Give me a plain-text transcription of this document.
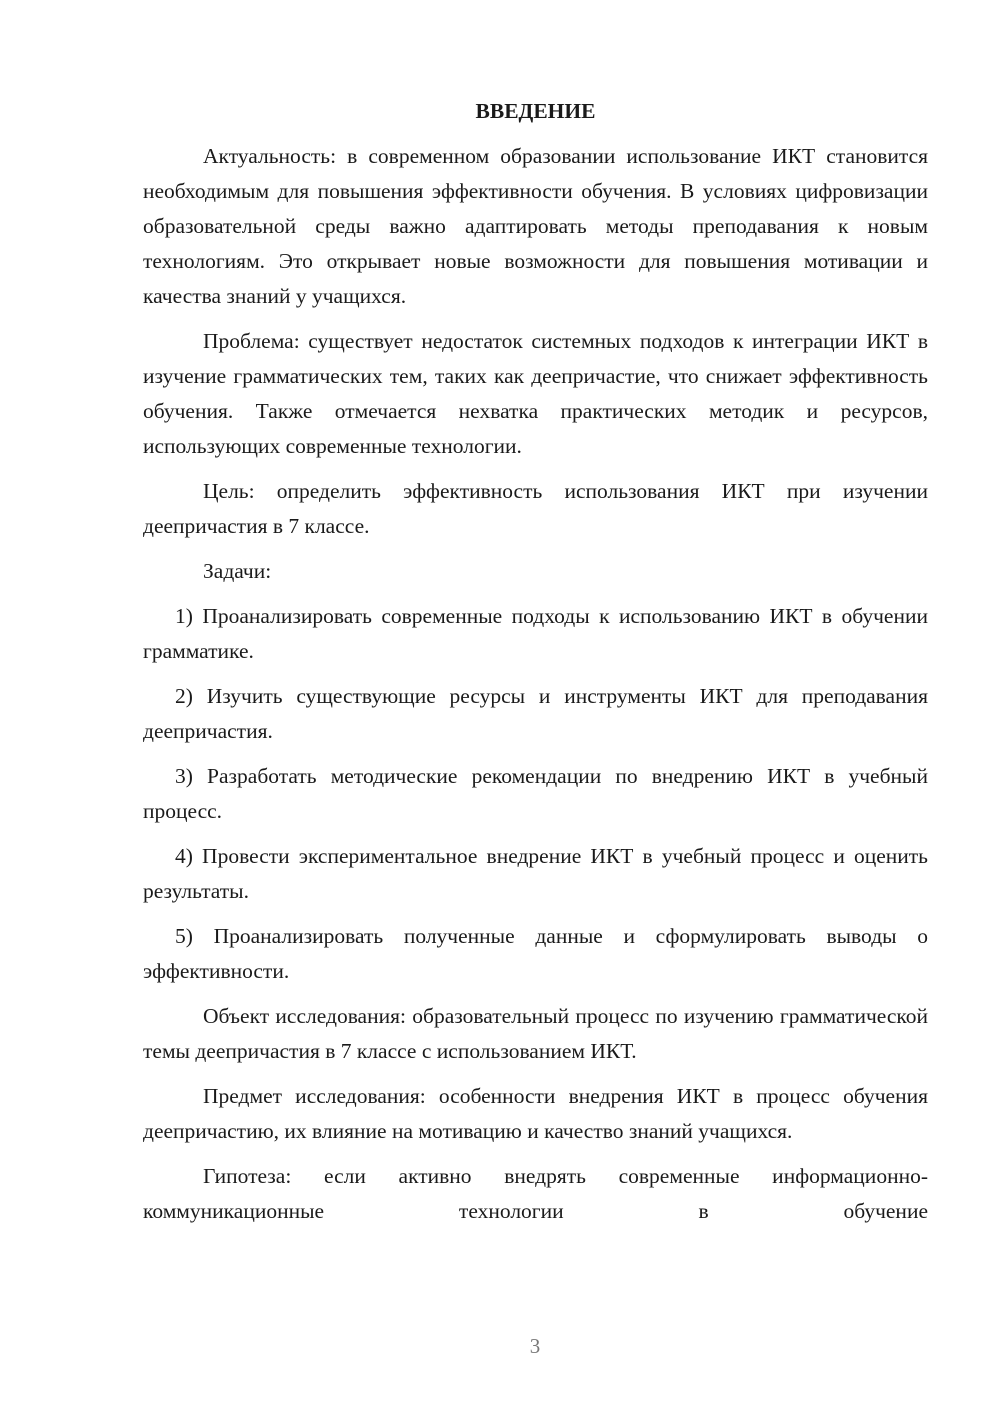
ВВЕДЕНИЕ

Актуальность: в современном образовании использование ИКТ становится необходимым для повышения эффективности обучения. В условиях цифровизации образовательной среды важно адаптировать методы преподавания к новым технологиям. Это открывает новые возможности для повышения мотивации и качества знаний у учащихся.

Проблема: существует недостаток системных подходов к интеграции ИКТ в изучение грамматических тем, таких как деепричастие, что снижает эффективность обучения. Также отмечается нехватка практических методик и ресурсов, использующих современные технологии.

Цель: определить эффективность использования ИКТ при изучении деепричастия в 7 классе.

Задачи:

1) Проанализировать современные подходы к использованию ИКТ в обучении грамматике.

2) Изучить существующие ресурсы и инструменты ИКТ для преподавания деепричастия.

3) Разработать методические рекомендации по внедрению ИКТ в учебный процесс.

4) Провести экспериментальное внедрение ИКТ в учебный процесс и оценить результаты.

5) Проанализировать полученные данные и сформулировать выводы о эффективности.

Объект исследования: образовательный процесс по изучению грамматической темы деепричастия в 7 классе с использованием ИКТ.

Предмет исследования: особенности внедрения ИКТ в процесс обучения деепричастию, их влияние на мотивацию и качество знаний учащихся.

Гипотеза: если активно внедрять современные информационно-коммуникационные технологии в обучение

3
